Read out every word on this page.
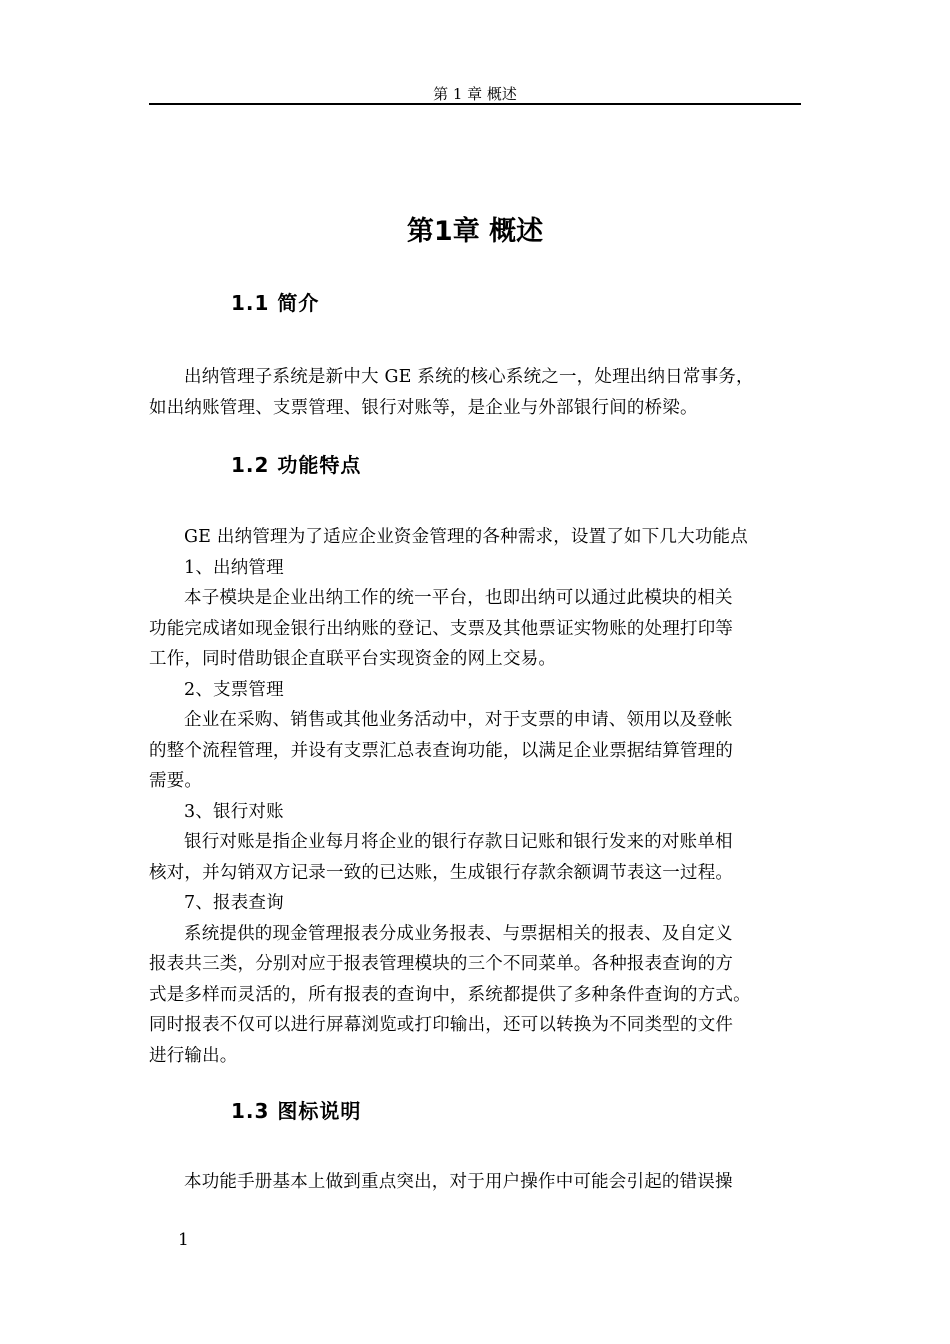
第 1 章 概述
第1章 概述
1.1 简介
出纳管理子系统是新中大 GE 系统的核心系统之一，处理出纳日常事务，
如出纳账管理、支票管理、银行对账等，是企业与外部银行间的桥梁。
1.2 功能特点
GE 出纳管理为了适应企业资金管理的各种需求，设置了如下几大功能点
1、出纳管理
本子模块是企业出纳工作的统一平台，也即出纳可以通过此模块的相关
功能完成诸如现金银行出纳账的登记、支票及其他票证实物账的处理打印等
工作，同时借助银企直联平台实现资金的网上交易。
2、支票管理
企业在采购、销售或其他业务活动中，对于支票的申请、领用以及登帐
的整个流程管理，并设有支票汇总表查询功能，以满足企业票据结算管理的
需要。
3、银行对账
银行对账是指企业每月将企业的银行存款日记账和银行发来的对账单相
核对，并勾销双方记录一致的已达账，生成银行存款余额调节表这一过程。
7、报表查询
系统提供的现金管理报表分成业务报表、与票据相关的报表、及自定义
报表共三类，分别对应于报表管理模块的三个不同菜单。各种报表查询的方
式是多样而灵活的，所有报表的查询中，系统都提供了多种条件查询的方式。
同时报表不仅可以进行屏幕浏览或打印输出，还可以转换为不同类型的文件
进行输出。
1.3 图标说明
本功能手册基本上做到重点突出，对于用户操作中可能会引起的错误操
1
